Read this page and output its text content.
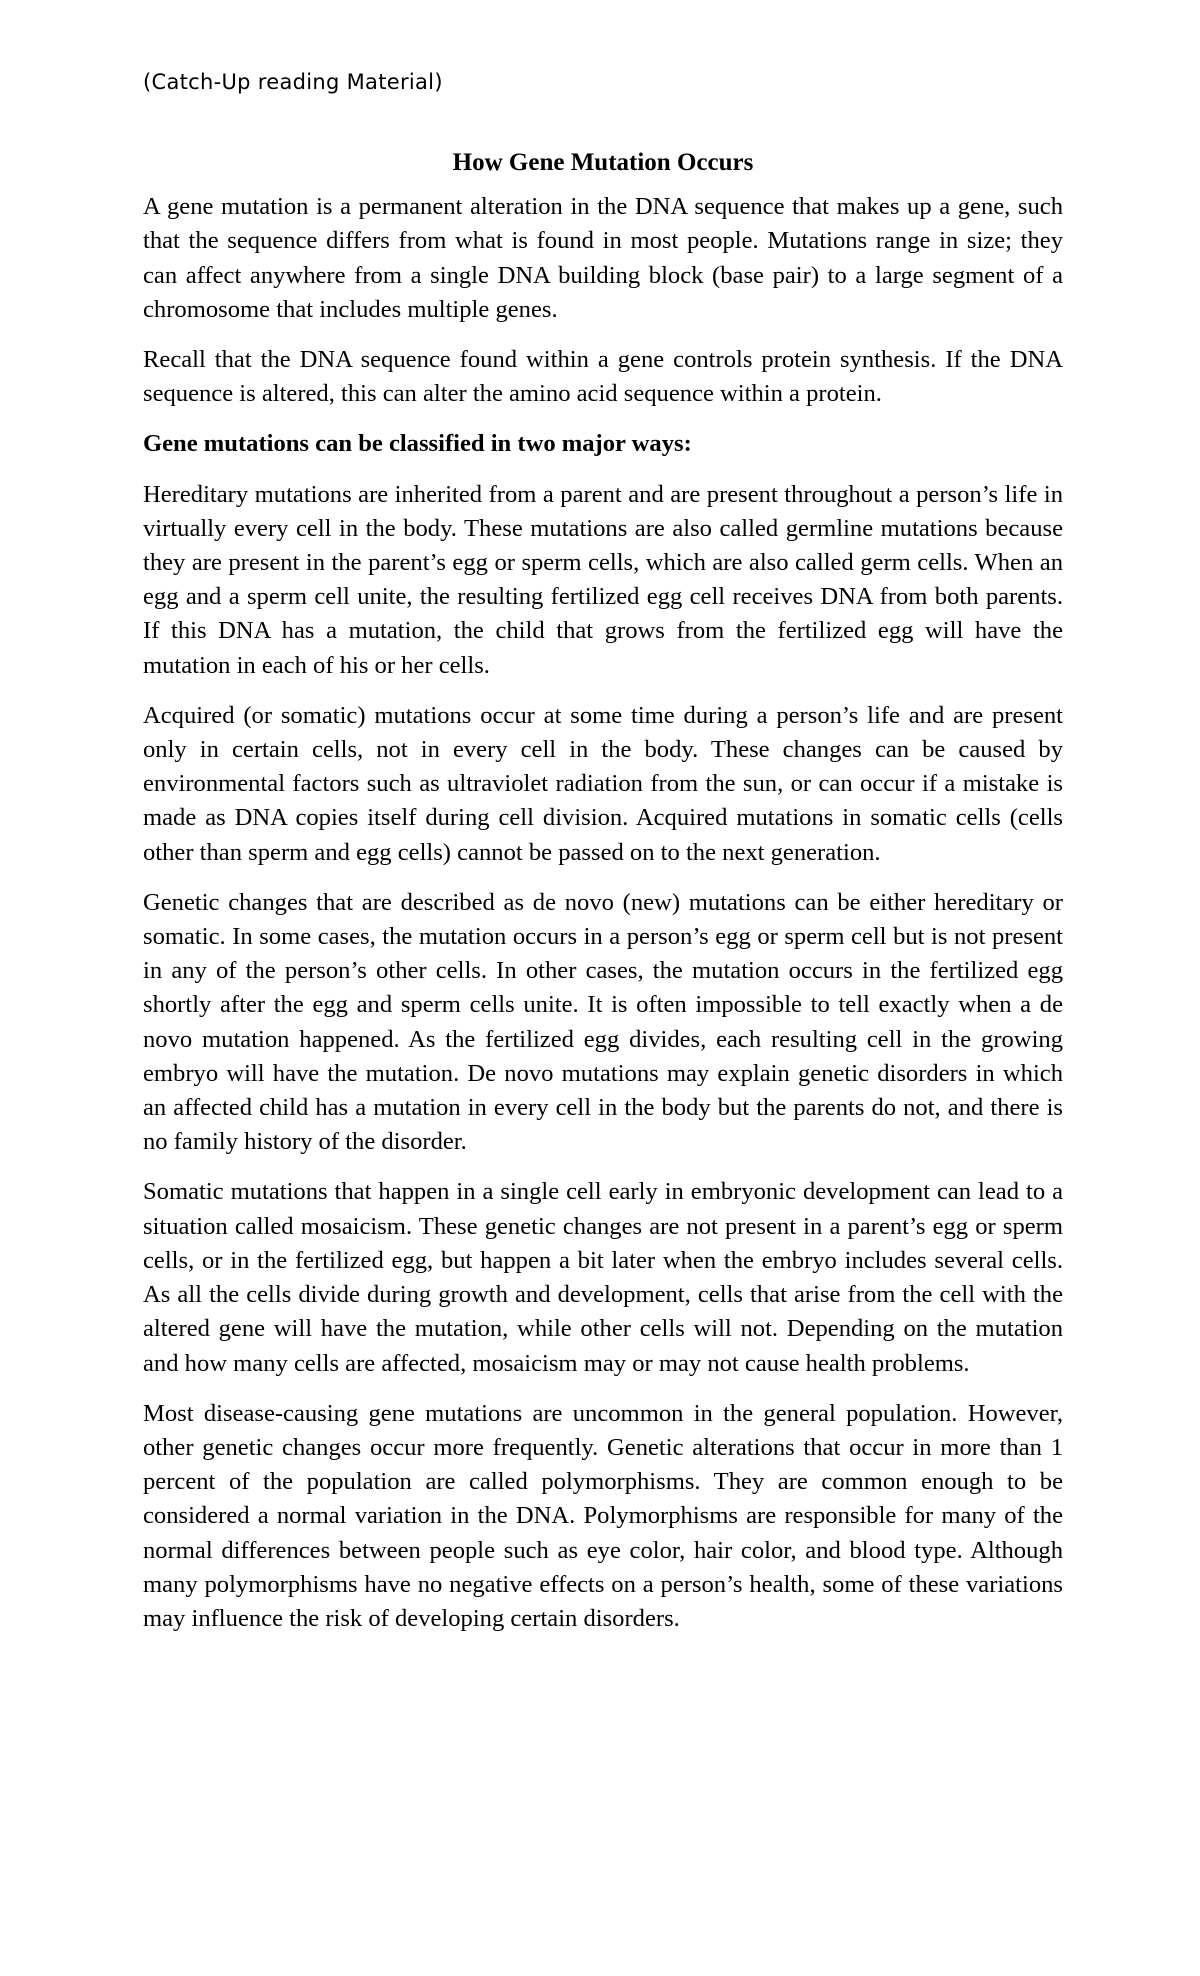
(Catch-Up reading Material)
How Gene Mutation Occurs

A gene mutation is a permanent alteration in the DNA sequence that makes up a gene, such that the sequence differs from what is found in most people. Mutations range in size; they can affect anywhere from a single DNA building block (base pair) to a large segment of a chromosome that includes multiple genes.

Recall that the DNA sequence found within a gene controls protein synthesis. If the DNA sequence is altered, this can alter the amino acid sequence within a protein.

Gene mutations can be classified in two major ways:

Hereditary mutations are inherited from a parent and are present throughout a person’s life in virtually every cell in the body. These mutations are also called germline mutations because they are present in the parent’s egg or sperm cells, which are also called germ cells. When an egg and a sperm cell unite, the resulting fertilized egg cell receives DNA from both parents. If this DNA has a mutation, the child that grows from the fertilized egg will have the mutation in each of his or her cells.

Acquired (or somatic) mutations occur at some time during a person’s life and are present only in certain cells, not in every cell in the body. These changes can be caused by environmental factors such as ultraviolet radiation from the sun, or can occur if a mistake is made as DNA copies itself during cell division. Acquired mutations in somatic cells (cells other than sperm and egg cells) cannot be passed on to the next generation.

Genetic changes that are described as de novo (new) mutations can be either hereditary or somatic. In some cases, the mutation occurs in a person’s egg or sperm cell but is not present in any of the person’s other cells. In other cases, the mutation occurs in the fertilized egg shortly after the egg and sperm cells unite. It is often impossible to tell exactly when a de novo mutation happened. As the fertilized egg divides, each resulting cell in the growing embryo will have the mutation. De novo mutations may explain genetic disorders in which an affected child has a mutation in every cell in the body but the parents do not, and there is no family history of the disorder.

Somatic mutations that happen in a single cell early in embryonic development can lead to a situation called mosaicism. These genetic changes are not present in a parent’s egg or sperm cells, or in the fertilized egg, but happen a bit later when the embryo includes several cells. As all the cells divide during growth and development, cells that arise from the cell with the altered gene will have the mutation, while other cells will not. Depending on the mutation and how many cells are affected, mosaicism may or may not cause health problems.

Most disease-causing gene mutations are uncommon in the general population. However, other genetic changes occur more frequently. Genetic alterations that occur in more than 1 percent of the population are called polymorphisms. They are common enough to be considered a normal variation in the DNA. Polymorphisms are responsible for many of the normal differences between people such as eye color, hair color, and blood type. Although many polymorphisms have no negative effects on a person’s health, some of these variations may influence the risk of developing certain disorders.
